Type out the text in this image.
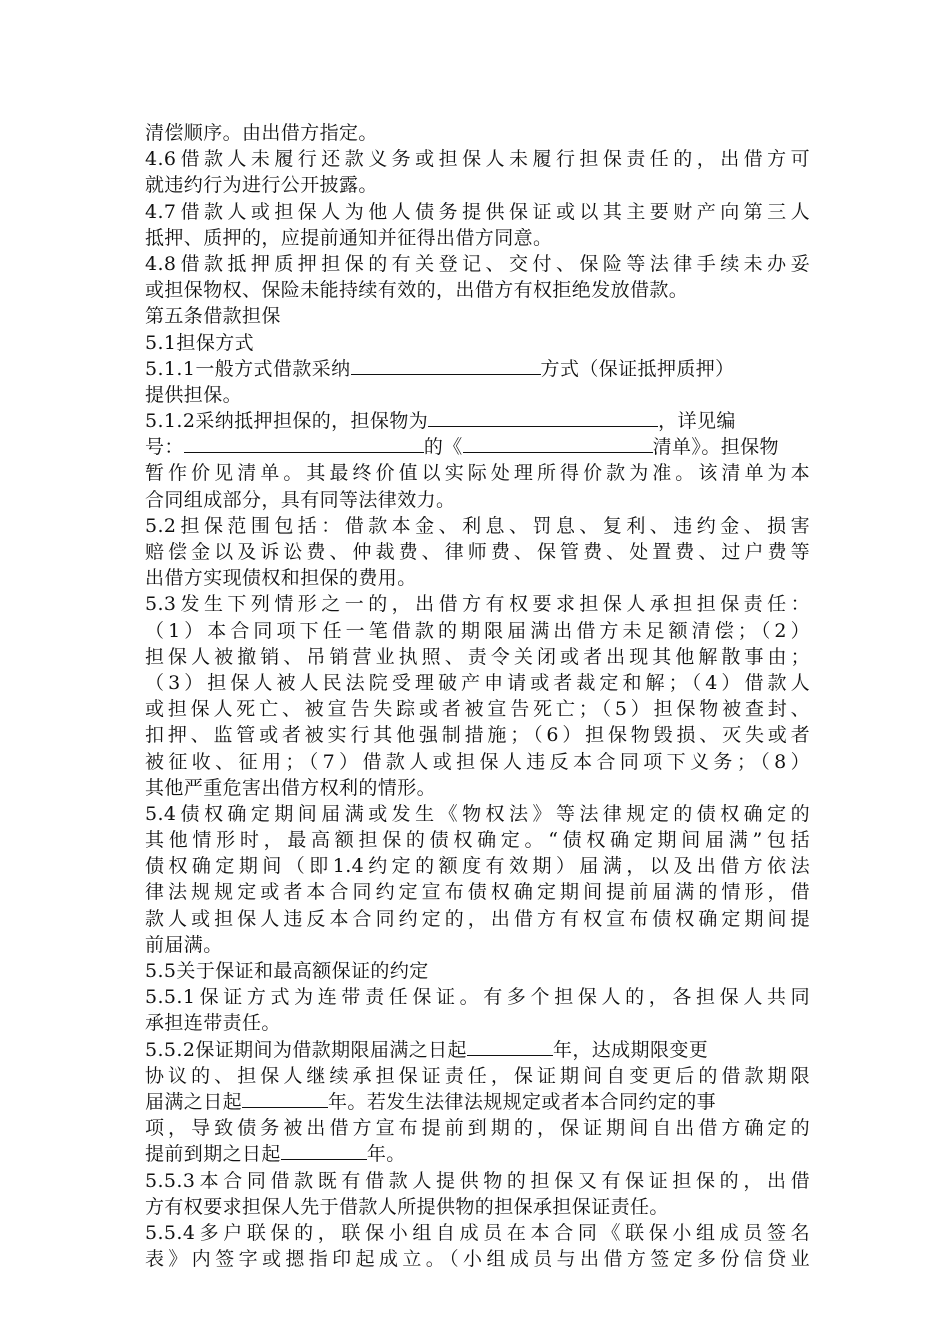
清偿顺序。由出借方指定。
4.6借款人未履行还款义务或担保人未履行担保责任的，出借方可
就违约行为进行公开披露。
4.7借款人或担保人为他人债务提供保证或以其主要财产向第三人
抵押、质押的，应提前通知并征得出借方同意。
4.8借款抵押质押担保的有关登记、交付、保险等法律手续未办妥
或担保物权、保险未能持续有效的，出借方有权拒绝发放借款。
第五条借款担保
5.1担保方式
5.1.1一般方式借款采纳	方式（保证抵押质押）
提供担保。
5.1.2采纳抵押担保的，担保物为	，详见编
号：	的《	清单》。担保物
暂作价见清单。其最终价值以实际处理所得价款为准。该清单为本
合同组成部分，具有同等法律效力。
5.2担保范围包括：借款本金、利息、罚息、复利、违约金、损害
赔偿金以及诉讼费、仲裁费、律师费、保管费、处置费、过户费等
出借方实现债权和担保的费用。
5.3发生下列情形之一的，出借方有权要求担保人承担担保责任：
（1）本合同项下任一笔借款的期限届满出借方未足额清偿；（2）
担保人被撤销、吊销营业执照、责令关闭或者出现其他解散事由；
（3）担保人被人民法院受理破产申请或者裁定和解；（4）借款人
或担保人死亡、被宣告失踪或者被宣告死亡；（5）担保物被查封、
扣押、监管或者被实行其他强制措施；（6）担保物毁损、灭失或者
被征收、征用；（7）借款人或担保人违反本合同项下义务；（8）
其他严重危害出借方权利的情形。
5.4债权确定期间届满或发生《物权法》等法律规定的债权确定的
其他情形时，最高额担保的债权确定。“债权确定期间届满”包括
债权确定期间（即1.4约定的额度有效期）届满，以及出借方依法
律法规规定或者本合同约定宣布债权确定期间提前届满的情形，借
款人或担保人违反本合同约定的，出借方有权宣布债权确定期间提
前届满。
5.5关于保证和最高额保证的约定
5.5.1保证方式为连带责任保证。有多个担保人的，各担保人共同
承担连带责任。
5.5.2保证期间为借款期限届满之日起	年，达成期限变更
协议的、担保人继续承担保证责任，保证期间自变更后的借款期限
届满之日起	年。若发生法律法规规定或者本合同约定的事
项，导致债务被出借方宣布提前到期的，保证期间自出借方确定的
提前到期之日起	年。
5.5.3本合同借款既有借款人提供物的担保又有保证担保的，出借
方有权要求担保人先于借款人所提供物的担保承担保证责任。
5.5.4多户联保的，联保小组自成员在本合同《联保小组成员签名
表》内签字或摁指印起成立。（小组成员与出借方签定多份信贷业
